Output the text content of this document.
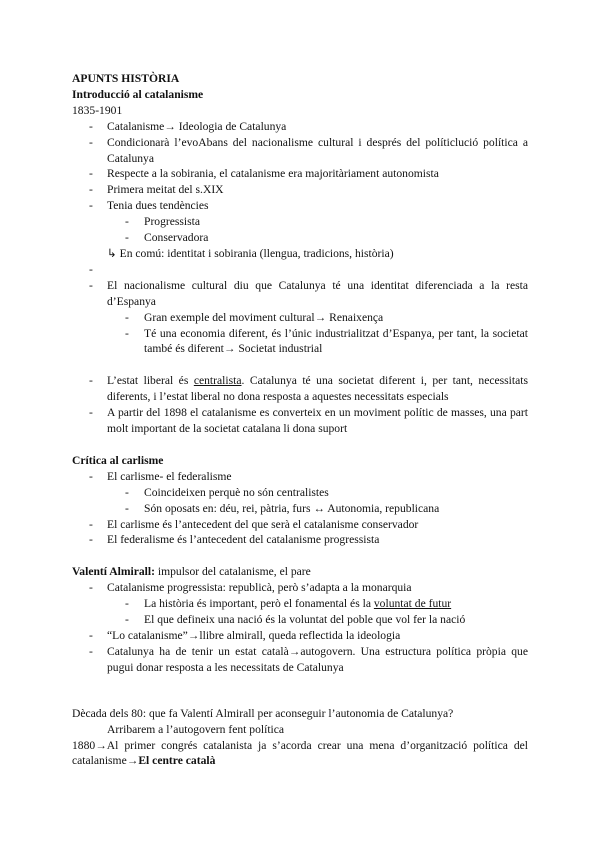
APUNTS HISTÒRIA
Introducció al catalanisme
1835-1901
- Catalanisme→ Ideologia de Catalunya
- Condicionarà l’evoAbans del nacionalisme cultural i després del políticlució política a Catalunya
- Respecte a la sobirania, el catalanisme era majoritàriament autonomista
- Primera meitat del s.XIX
- Tenia dues tendències
- Progressista
- Conservadora
↳ En comú: identitat i sobirania (llengua, tradicions, història)
-
- El nacionalisme cultural diu que Catalunya té una identitat diferenciada a la resta d’Espanya
- Gran exemple del moviment cultural→ Renaixença
- Té una economia diferent, és l’únic industrialitzat d’Espanya, per tant, la societat també és diferent→ Societat industrial
- L’estat liberal és centralista. Catalunya té una societat diferent i, per tant, necessitats diferents, i l’estat liberal no dona resposta a aquestes necessitats especials
- A partir del 1898 el catalanisme es converteix en un moviment polític de masses, una part molt important de la societat catalana li dona suport
Crítica al carlisme
- El carlisme- el federalisme
- Coincideixen perquè no són centralistes
- Són oposats en: déu, rei, pàtria, furs ↔ Autonomia, republicana
- El carlisme és l’antecedent del que serà el catalanisme conservador
- El federalisme és l’antecedent del catalanisme progressista
Valentí Almirall: impulsor del catalanisme, el pare
- Catalanisme progressista: republicà, però s’adapta a la monarquia
- La història és important, però el fonamental és la voluntat de futur
- El que defineix una nació és la voluntat del poble que vol fer la nació
- “Lo catalanisme”→llibre almirall, queda reflectida la ideologia
- Catalunya ha de tenir un estat català→autogovern. Una estructura política pròpia que pugui donar resposta a les necessitats de Catalunya
Dècada dels 80: que fa Valentí Almirall per aconseguir l’autonomia de Catalunya?
Arribarem a l’autogovern fent política
1880→Al primer congrés catalanista ja s’acorda crear una mena d’organització política del catalanisme→El centre català
